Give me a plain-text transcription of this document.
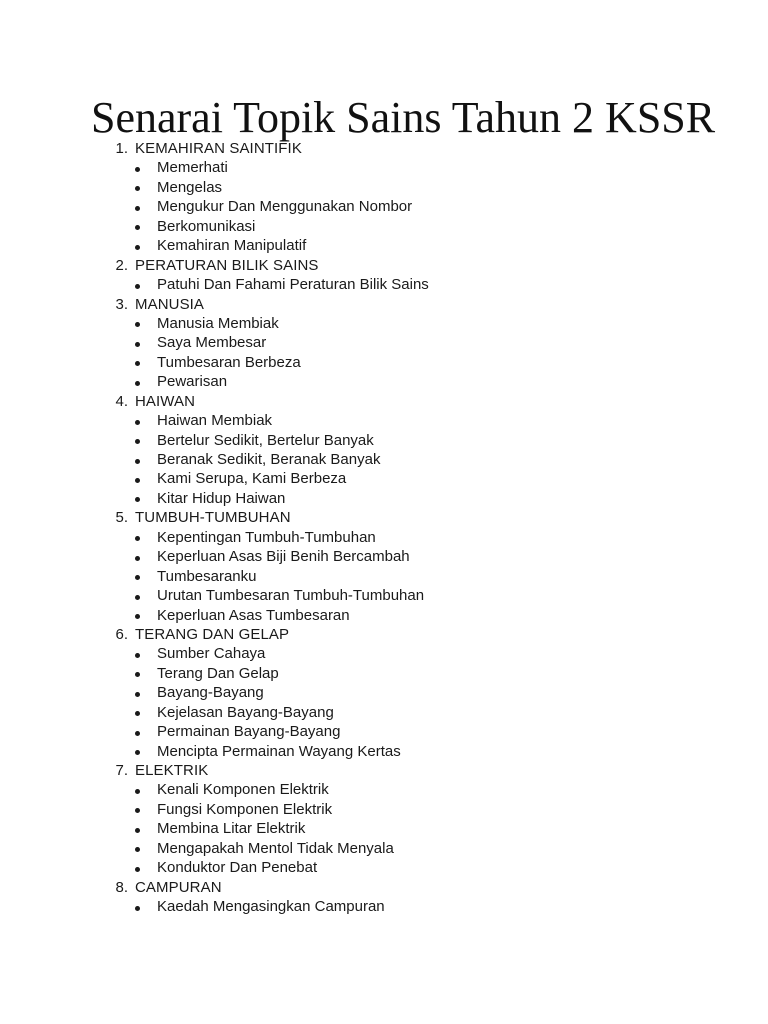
Senarai Topik Sains Tahun 2 KSSR
1. KEMAHIRAN SAINTIFIK
Memerhati
Mengelas
Mengukur Dan Menggunakan Nombor
Berkomunikasi
Kemahiran Manipulatif
2. PERATURAN BILIK SAINS
Patuhi Dan Fahami Peraturan Bilik Sains
3. MANUSIA
Manusia Membiak
Saya Membesar
Tumbesaran Berbeza
Pewarisan
4. HAIWAN
Haiwan Membiak
Bertelur Sedikit, Bertelur Banyak
Beranak Sedikit, Beranak Banyak
Kami Serupa, Kami Berbeza
Kitar Hidup Haiwan
5. TUMBUH-TUMBUHAN
Kepentingan Tumbuh-Tumbuhan
Keperluan Asas Biji Benih Bercambah
Tumbesaranku
Urutan Tumbesaran Tumbuh-Tumbuhan
Keperluan Asas Tumbesaran
6. TERANG DAN GELAP
Sumber Cahaya
Terang Dan Gelap
Bayang-Bayang
Kejelasan Bayang-Bayang
Permainan Bayang-Bayang
Mencipta Permainan Wayang Kertas
7. ELEKTRIK
Kenali Komponen Elektrik
Fungsi Komponen Elektrik
Membina Litar Elektrik
Mengapakah Mentol Tidak Menyala
Konduktor Dan Penebat
8. CAMPURAN
Kaedah Mengasingkan Campuran
